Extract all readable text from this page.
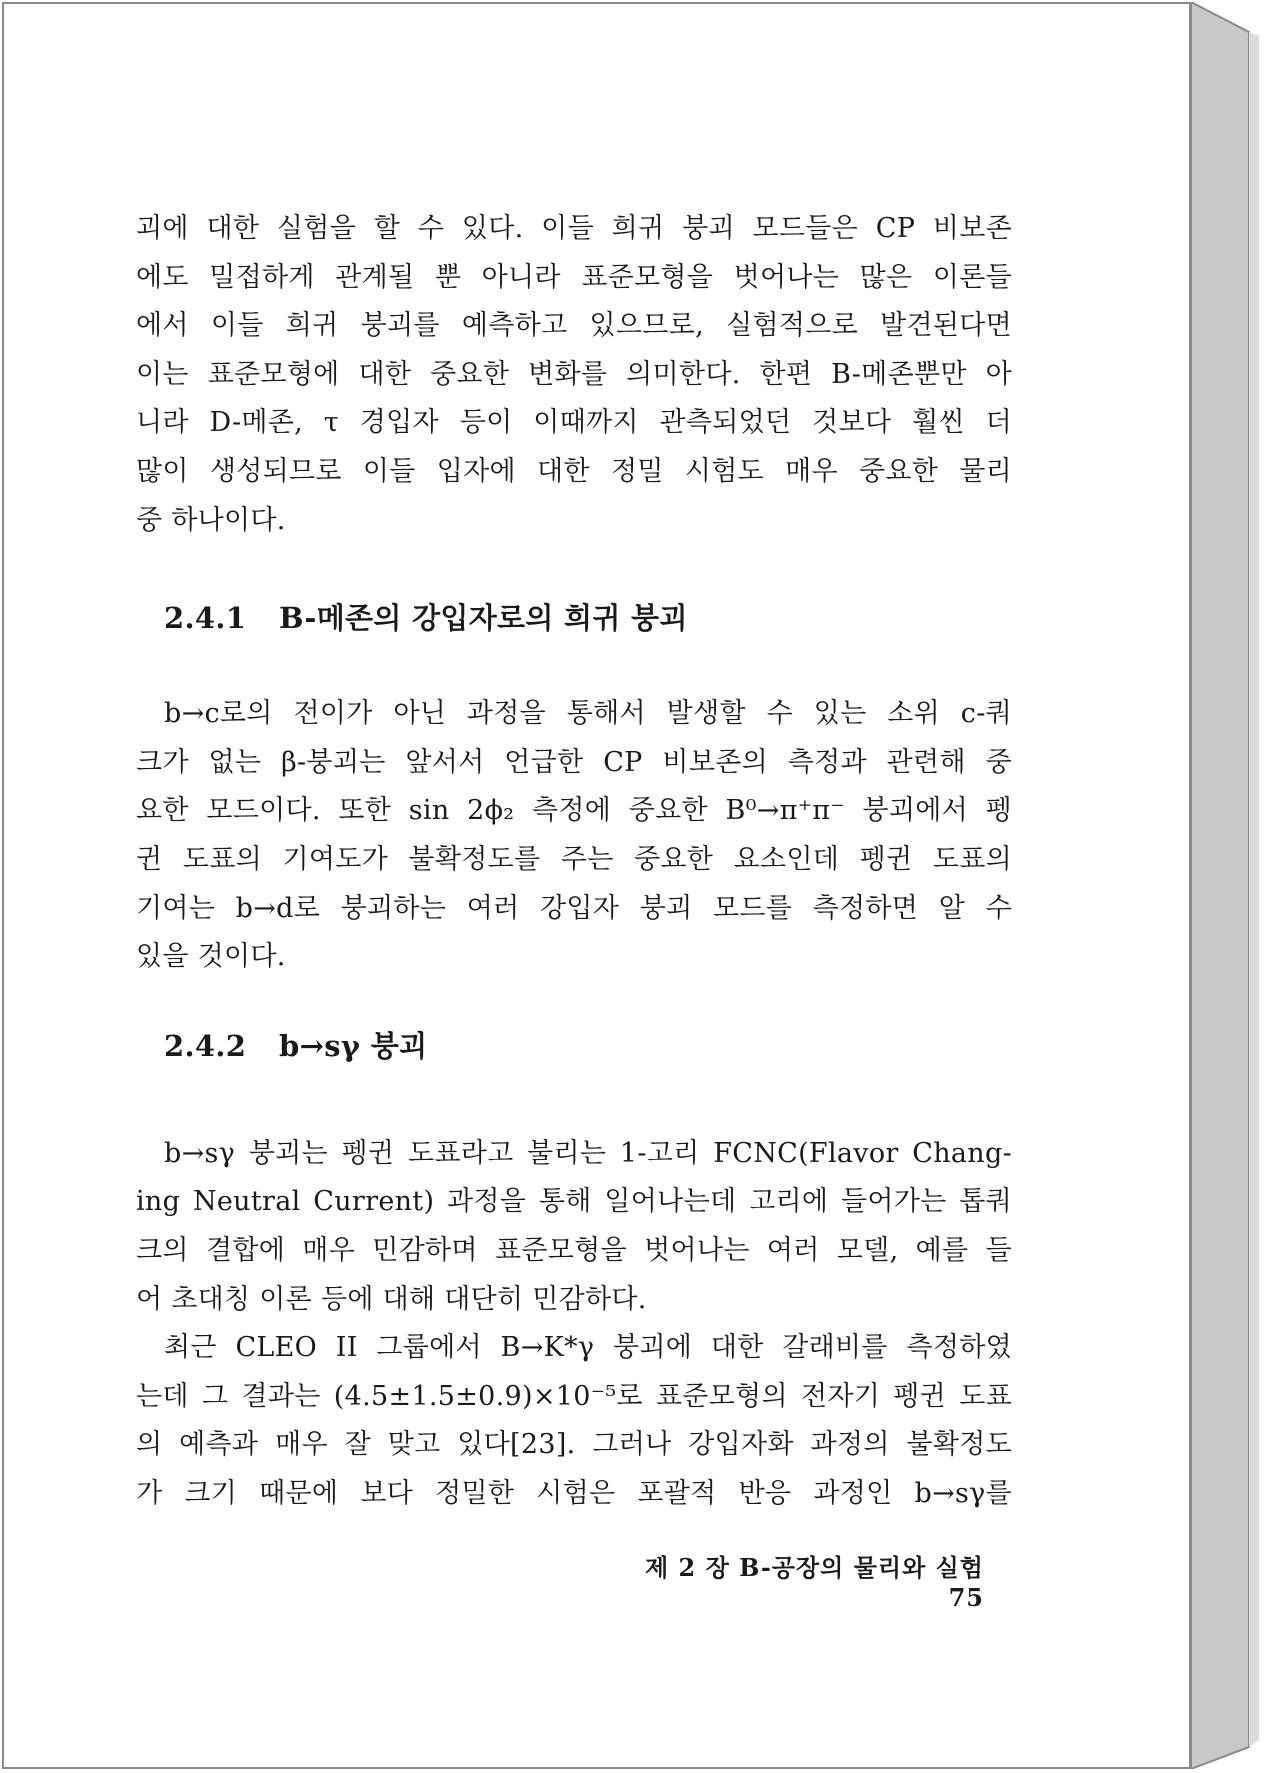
괴에 대한 실험을 할 수 있다. 이들 희귀 붕괴 모드들은 CP 비보존
에도 밀접하게 관계될 뿐 아니라 표준모형을 벗어나는 많은 이론들
에서 이들 희귀 붕괴를 예측하고 있으므로, 실험적으로 발견된다면
이는 표준모형에 대한 중요한 변화를 의미한다. 한편 B-메존뿐만 아
니라 D-메존, τ 경입자 등이 이때까지 관측되었던 것보다 훨씬 더
많이 생성되므로 이들 입자에 대한 정밀 시험도 매우 중요한 물리
중 하나이다.
2.4.1 B-메존의 강입자로의 희귀 붕괴
b→c로의 전이가 아닌 과정을 통해서 발생할 수 있는 소위 c-쿼
크가 없는 β-붕괴는 앞서서 언급한 CP 비보존의 측정과 관련해 중
요한 모드이다. 또한 sin 2ϕ₂ 측정에 중요한 B⁰→π⁺π⁻ 붕괴에서 펭
귄 도표의 기여도가 불확정도를 주는 중요한 요소인데 펭귄 도표의
기여는 b→d로 붕괴하는 여러 강입자 붕괴 모드를 측정하면 알 수
있을 것이다.
2.4.2 b→sγ 붕괴
b→sγ 붕괴는 펭귄 도표라고 불리는 1-고리 FCNC(Flavor Chang-
ing Neutral Current) 과정을 통해 일어나는데 고리에 들어가는 톱쿼
크의 결합에 매우 민감하며 표준모형을 벗어나는 여러 모델, 예를 들
어 초대칭 이론 등에 대해 대단히 민감하다.
최근 CLEO II 그룹에서 B→K*γ 붕괴에 대한 갈래비를 측정하였
는데 그 결과는 (4.5±1.5±0.9)×10⁻⁵로 표준모형의 전자기 펭귄 도표
의 예측과 매우 잘 맞고 있다[23]. 그러나 강입자화 과정의 불확정도
가 크기 때문에 보다 정밀한 시험은 포괄적 반응 과정인 b→sγ를
제 2 장 B-공장의 물리와 실험75
